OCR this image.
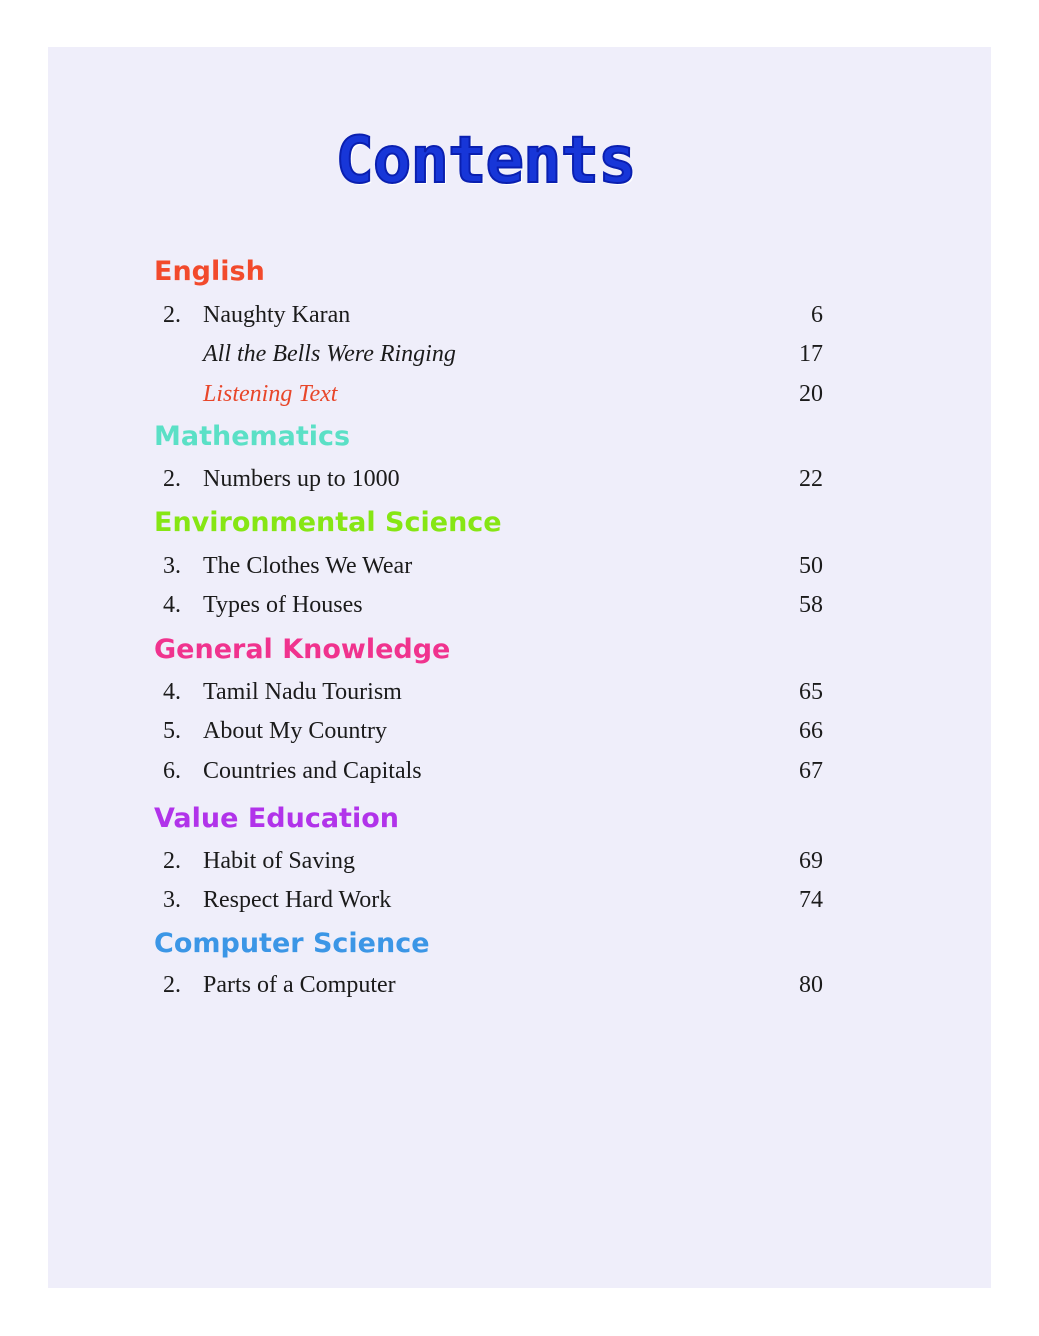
Contents
English
2. Naughty Karan	6
All the Bells Were Ringing	17
Listening Text	20
Mathematics
2. Numbers up to 1000	22
Environmental Science
3. The Clothes We Wear	50
4. Types of Houses	58
General Knowledge
4. Tamil Nadu Tourism	65
5. About My Country	66
6. Countries and Capitals	67
Value Education
2. Habit of Saving	69
3. Respect Hard Work	74
Computer Science
2. Parts of a Computer	80
